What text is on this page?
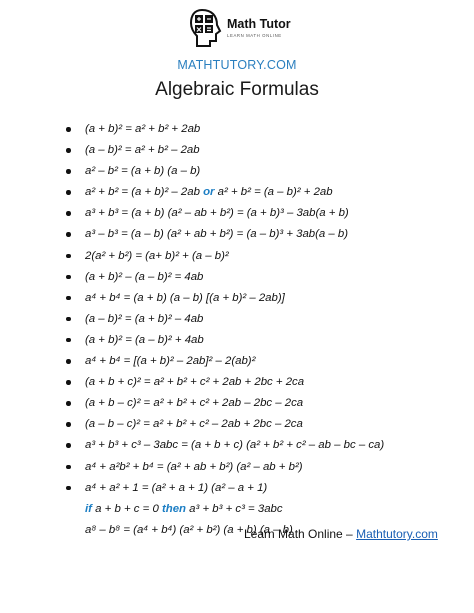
Math Tutor
LEARN MATH ONLINE
MATHTUTORY.COM
Algebraic Formulas
(a + b)² = a² + b² + 2ab
(a – b)² = a² + b² – 2ab
a² – b² = (a + b) (a – b)
a² + b² = (a + b)² – 2ab or a² + b² = (a – b)² + 2ab
a³ + b³ = (a + b) (a² – ab + b²) = (a + b)³ – 3ab(a + b)
a³ – b³ = (a – b) (a² + ab + b²) = (a – b)³ + 3ab(a – b)
2(a² + b²) = (a+ b)² + (a – b)²
(a + b)² – (a – b)² = 4ab
a⁴ + b⁴ = (a + b) (a – b) [(a + b)² – 2ab)]
(a – b)² = (a + b)² – 4ab
(a + b)² = (a – b)² + 4ab
a⁴ + b⁴ = [(a + b)² – 2ab]² – 2(ab)²
(a + b + c)² = a² + b² + c² + 2ab + 2bc + 2ca
(a + b – c)² = a² + b² + c² + 2ab – 2bc – 2ca
(a – b – c)² = a² + b² + c² – 2ab + 2bc – 2ca
a³ + b³ + c³ – 3abc = (a + b + c) (a² + b² + c² – ab – bc – ca)
a⁴ + a²b² + b⁴ = (a² + ab + b²) (a² – ab + b²)
a⁴ + a² + 1 = (a² + a + 1) (a² – a + 1)
if a + b + c = 0 then a³ + b³ + c³ = 3abc
a⁸ – b⁸ = (a⁴ + b⁴) (a² + b²) (a + b) (a – b)
Learn Math Online – Mathtutory.com
